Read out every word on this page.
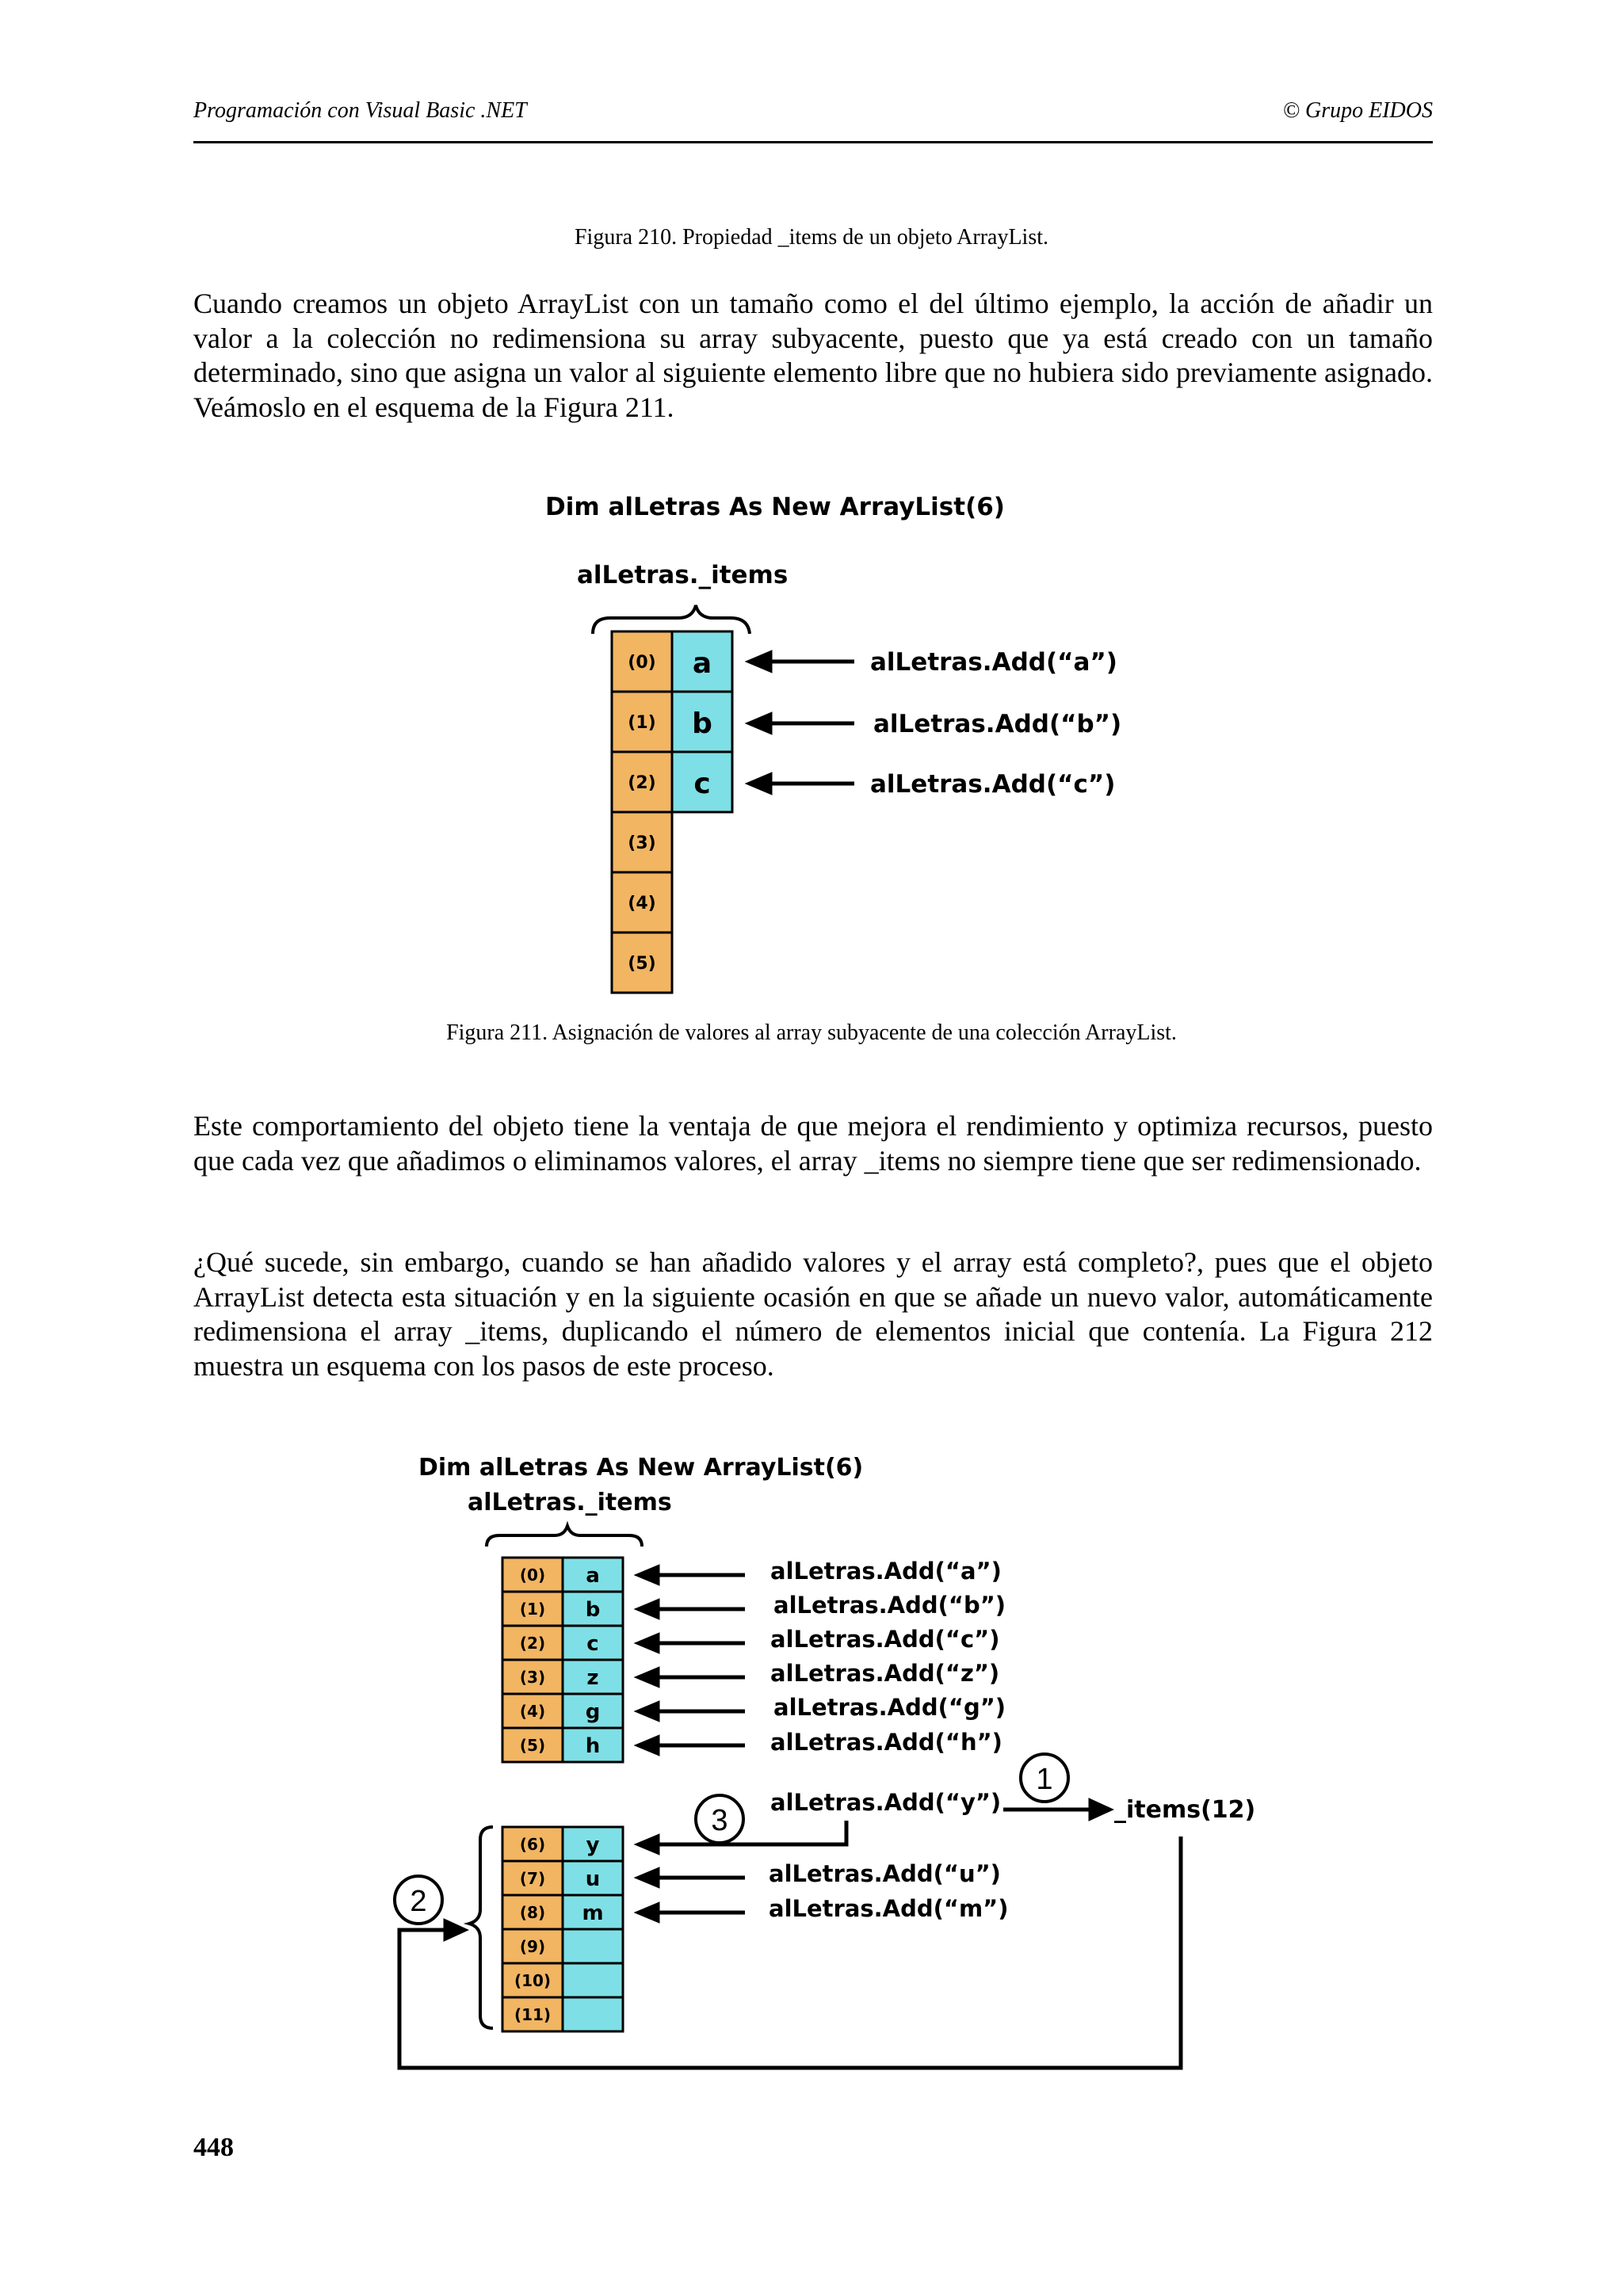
Programación con Visual Basic .NET	© Grupo EIDOS
Figura 210. Propiedad _items de un objeto ArrayList.
Cuando creamos un objeto ArrayList con un tamaño como el del último ejemplo, la acción de añadir un valor a la colección no redimensiona su array subyacente, puesto que ya está creado con un tamaño determinado, sino que asigna un valor al siguiente elemento libre que no hubiera sido previamente asignado. Veámoslo en el esquema de la Figura 211.
Dim alLetras As New ArrayList(6)
alLetras._items
(0)
(1)
(2)
(3)
(4)
(5)
a
b
c
alLetras.Add(“a”)
alLetras.Add(“b”)
alLetras.Add(“c”)
Figura 211. Asignación de valores al array subyacente de una colección ArrayList.
Este comportamiento del objeto tiene la ventaja de que mejora el rendimiento y optimiza recursos, puesto que cada vez que añadimos o eliminamos valores, el array _items no siempre tiene que ser redimensionado.
¿Qué sucede, sin embargo, cuando se han añadido valores y el array está completo?, pues que el objeto ArrayList detecta esta situación y en la siguiente ocasión en que se añade un nuevo valor, automáticamente redimensiona el array _items, duplicando el número de elementos inicial que contenía. La Figura 212 muestra un esquema con los pasos de este proceso.
Dim alLetras As New ArrayList(6)
alLetras._items
(0)
(1)
(2)
(3)
(4)
(5)
a
b
c
z
g
h
alLetras.Add(“a”)
alLetras.Add(“b”)
alLetras.Add(“c”)
alLetras.Add(“z”)
alLetras.Add(“g”)
alLetras.Add(“h”)
alLetras.Add(“y”)
1
_items(12)
3
(6)
(7)
(8)
(9)
(10)
(11)
y
u
m
alLetras.Add(“u”)
alLetras.Add(“m”)
2
448
